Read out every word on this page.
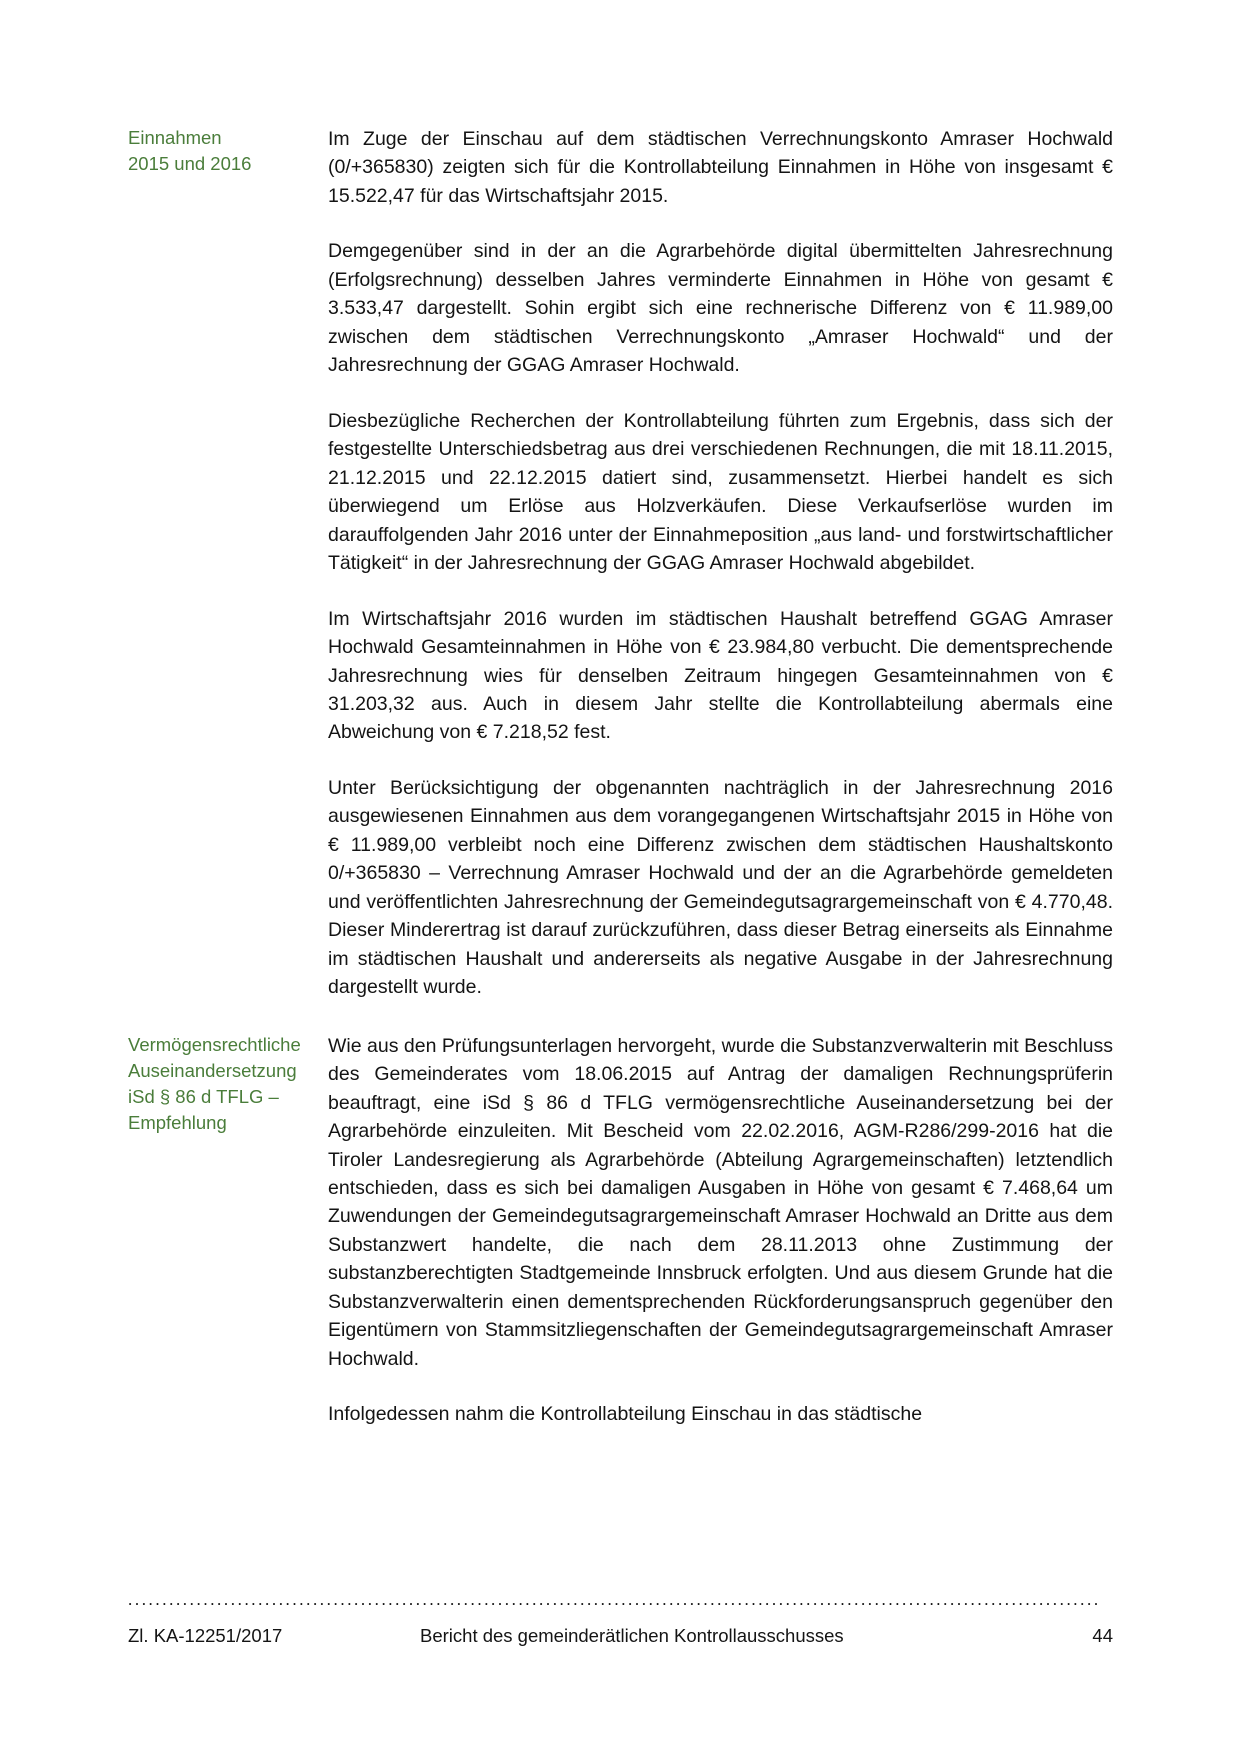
Einnahmen
2015 und 2016

Im Zuge der Einschau auf dem städtischen Verrechnungskonto Amraser Hochwald (0/+365830) zeigten sich für die Kontrollabteilung Einnahmen in Höhe von insgesamt € 15.522,47 für das Wirtschaftsjahr 2015.

Demgegenüber sind in der an die Agrarbehörde digital übermittelten Jahresrechnung (Erfolgsrechnung) desselben Jahres verminderte Einnahmen in Höhe von gesamt € 3.533,47 dargestellt. Sohin ergibt sich eine rechnerische Differenz von € 11.989,00 zwischen dem städtischen Verrechnungskonto „Amraser Hochwald“ und der Jahresrechnung der GGAG Amraser Hochwald.

Diesbezügliche Recherchen der Kontrollabteilung führten zum Ergebnis, dass sich der festgestellte Unterschiedsbetrag aus drei verschiedenen Rechnungen, die mit 18.11.2015, 21.12.2015 und 22.12.2015 datiert sind, zusammensetzt. Hierbei handelt es sich überwiegend um Erlöse aus Holzverkäufen. Diese Verkaufserlöse wurden im darauffolgenden Jahr 2016 unter der Einnahmeposition „aus land- und forstwirtschaftlicher Tätigkeit“ in der Jahresrechnung der GGAG Amraser Hochwald abgebildet.

Im Wirtschaftsjahr 2016 wurden im städtischen Haushalt betreffend GGAG Amraser Hochwald Gesamteinnahmen in Höhe von € 23.984,80 verbucht. Die dementsprechende Jahresrechnung wies für denselben Zeitraum hingegen Gesamteinnahmen von € 31.203,32 aus. Auch in diesem Jahr stellte die Kontrollabteilung abermals eine Abweichung von € 7.218,52 fest.

Unter Berücksichtigung der obgenannten nachträglich in der Jahresrechnung 2016 ausgewiesenen Einnahmen aus dem vorangegangenen Wirtschaftsjahr 2015 in Höhe von € 11.989,00 verbleibt noch eine Differenz zwischen dem städtischen Haushaltskonto 0/+365830 – Verrechnung Amraser Hochwald und der an die Agrarbehörde gemeldeten und veröffentlichten Jahresrechnung der Gemeindegutsagrargemeinschaft von € 4.770,48. Dieser Minderertrag ist darauf zurückzuführen, dass dieser Betrag einerseits als Einnahme im städtischen Haushalt und andererseits als negative Ausgabe in der Jahresrechnung dargestellt wurde.

Vermögensrechtliche
Auseinandersetzung
iSd § 86 d TFLG –
Empfehlung

Wie aus den Prüfungsunterlagen hervorgeht, wurde die Substanzverwalterin mit Beschluss des Gemeinderates vom 18.06.2015 auf Antrag der damaligen Rechnungsprüferin beauftragt, eine iSd § 86 d TFLG vermögensrechtliche Auseinandersetzung bei der Agrarbehörde einzuleiten. Mit Bescheid vom 22.02.2016, AGM-R286/299-2016 hat die Tiroler Landesregierung als Agrarbehörde (Abteilung Agrargemeinschaften) letztendlich entschieden, dass es sich bei damaligen Ausgaben in Höhe von gesamt € 7.468,64 um Zuwendungen der Gemeindegutsagrargemeinschaft Amraser Hochwald an Dritte aus dem Substanzwert handelte, die nach dem 28.11.2013 ohne Zustimmung der substanzberechtigten Stadtgemeinde Innsbruck erfolgten. Und aus diesem Grunde hat die Substanzverwalterin einen dementsprechenden Rückforderungsanspruch gegenüber den Eigentümern von Stammsitzliegenschaften der Gemeindegutsagrargemeinschaft Amraser Hochwald.

Infolgedessen nahm die Kontrollabteilung Einschau in das städtische

..............................................................................................................................................
Zl. KA-12251/2017	Bericht des gemeinderätlichen Kontrollausschusses	44
